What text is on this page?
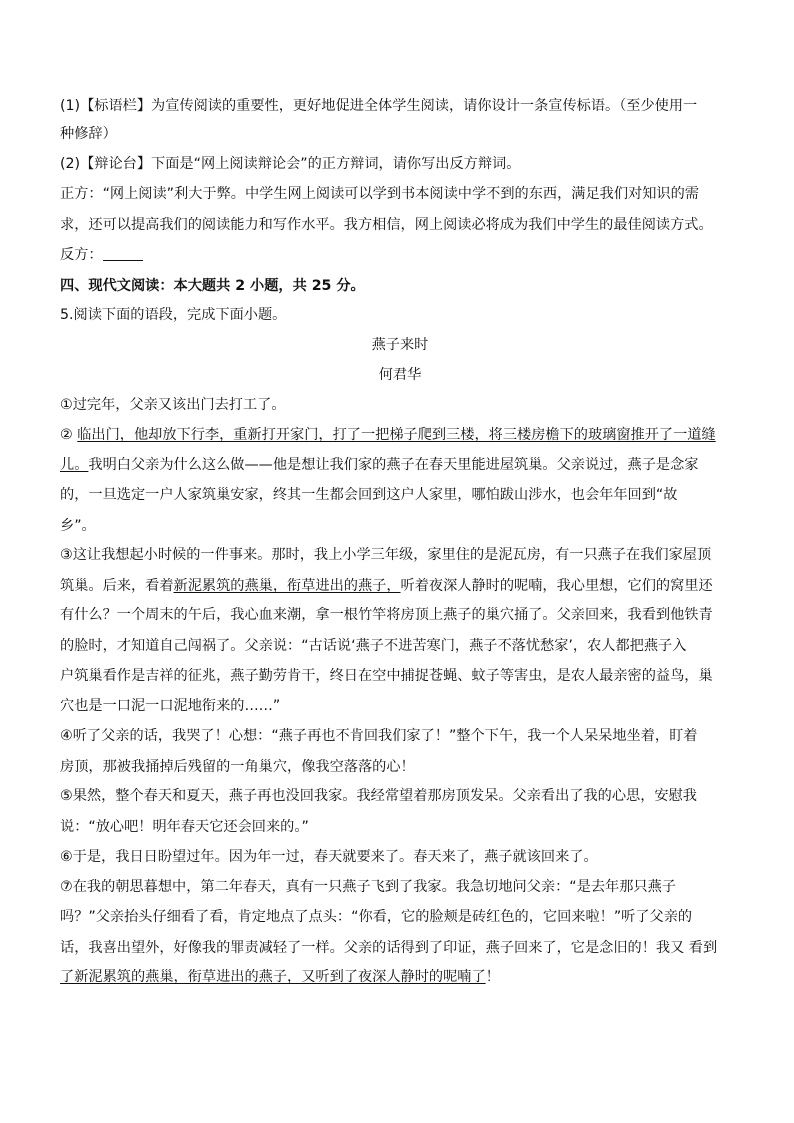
(1)【标语栏】为宣传阅读的重要性，更好地促进全体学生阅读，请你设计一条宣传标语。（至少使用一

种修辞）

(2)【辩论台】下面是“网上阅读辩论会”的正方辩词，请你写出反方辩词。

正方：“网上阅读”利大于弊。中学生网上阅读可以学到书本阅读中学不到的东西，满足我们对知识的需

求，还可以提高我们的阅读能力和写作水平。我方相信，网上阅读必将成为我们中学生的最佳阅读方式。

反方：

四、现代文阅读：本大题共 2 小题，共 25 分。

5.阅读下面的语段，完成下面小题。

燕子来时

何君华

①过完年，父亲又该出门去打工了。

② 临出门，他却放下行李，重新打开家门，打了一把梯子爬到三楼，将三楼房檐下的玻璃窗推开了一道缝

儿。我明白父亲为什么这么做——他是想让我们家的燕子在春天里能进屋筑巢。父亲说过，燕子是念家

的，一旦选定一户人家筑巢安家，终其一生都会回到这户人家里，哪怕跋山涉水，也会年年回到“故

乡”。

③这让我想起小时候的一件事来。那时，我上小学三年级，家里住的是泥瓦房，有一只燕子在我们家屋顶

筑巢。后来，看着新泥累筑的燕巢，衔草进出的燕子，听着夜深人静时的呢喃，我心里想，它们的窝里还

有什么？一个周末的午后，我心血来潮，拿一根竹竿将房顶上燕子的巢穴捅了。父亲回来，我看到他铁青

的脸时，才知道自己闯祸了。父亲说：“古话说‘燕子不进苦寒门，燕子不落忧愁家’，农人都把燕子入

户筑巢看作是吉祥的征兆，燕子勤劳肯干，终日在空中捕捉苍蝇、蚊子等害虫，是农人最亲密的益鸟，巢

穴也是一口泥一口泥地衔来的……”

④听了父亲的话，我哭了！心想：“燕子再也不肯回我们家了！”整个下午，我一个人呆呆地坐着，盯着

房顶，那被我捅掉后残留的一角巢穴，像我空落落的心！

⑤果然，整个春天和夏天，燕子再也没回我家。我经常望着那房顶发呆。父亲看出了我的心思，安慰我

说：“放心吧！明年春天它还会回来的。”

⑥于是，我日日盼望过年。因为年一过，春天就要来了。春天来了，燕子就该回来了。

⑦在我的朝思暮想中，第二年春天，真有一只燕子飞到了我家。我急切地问父亲：“是去年那只燕子

吗？”父亲抬头仔细看了看，肯定地点了点头：“你看，它的脸颊是砖红色的，它回来啦！”听了父亲的

话，我喜出望外，好像我的罪责减轻了一样。父亲的话得到了印证，燕子回来了，它是念旧的！我又 看到

了新泥累筑的燕巢，衔草进出的燕子，又听到了夜深人静时的呢喃了！
